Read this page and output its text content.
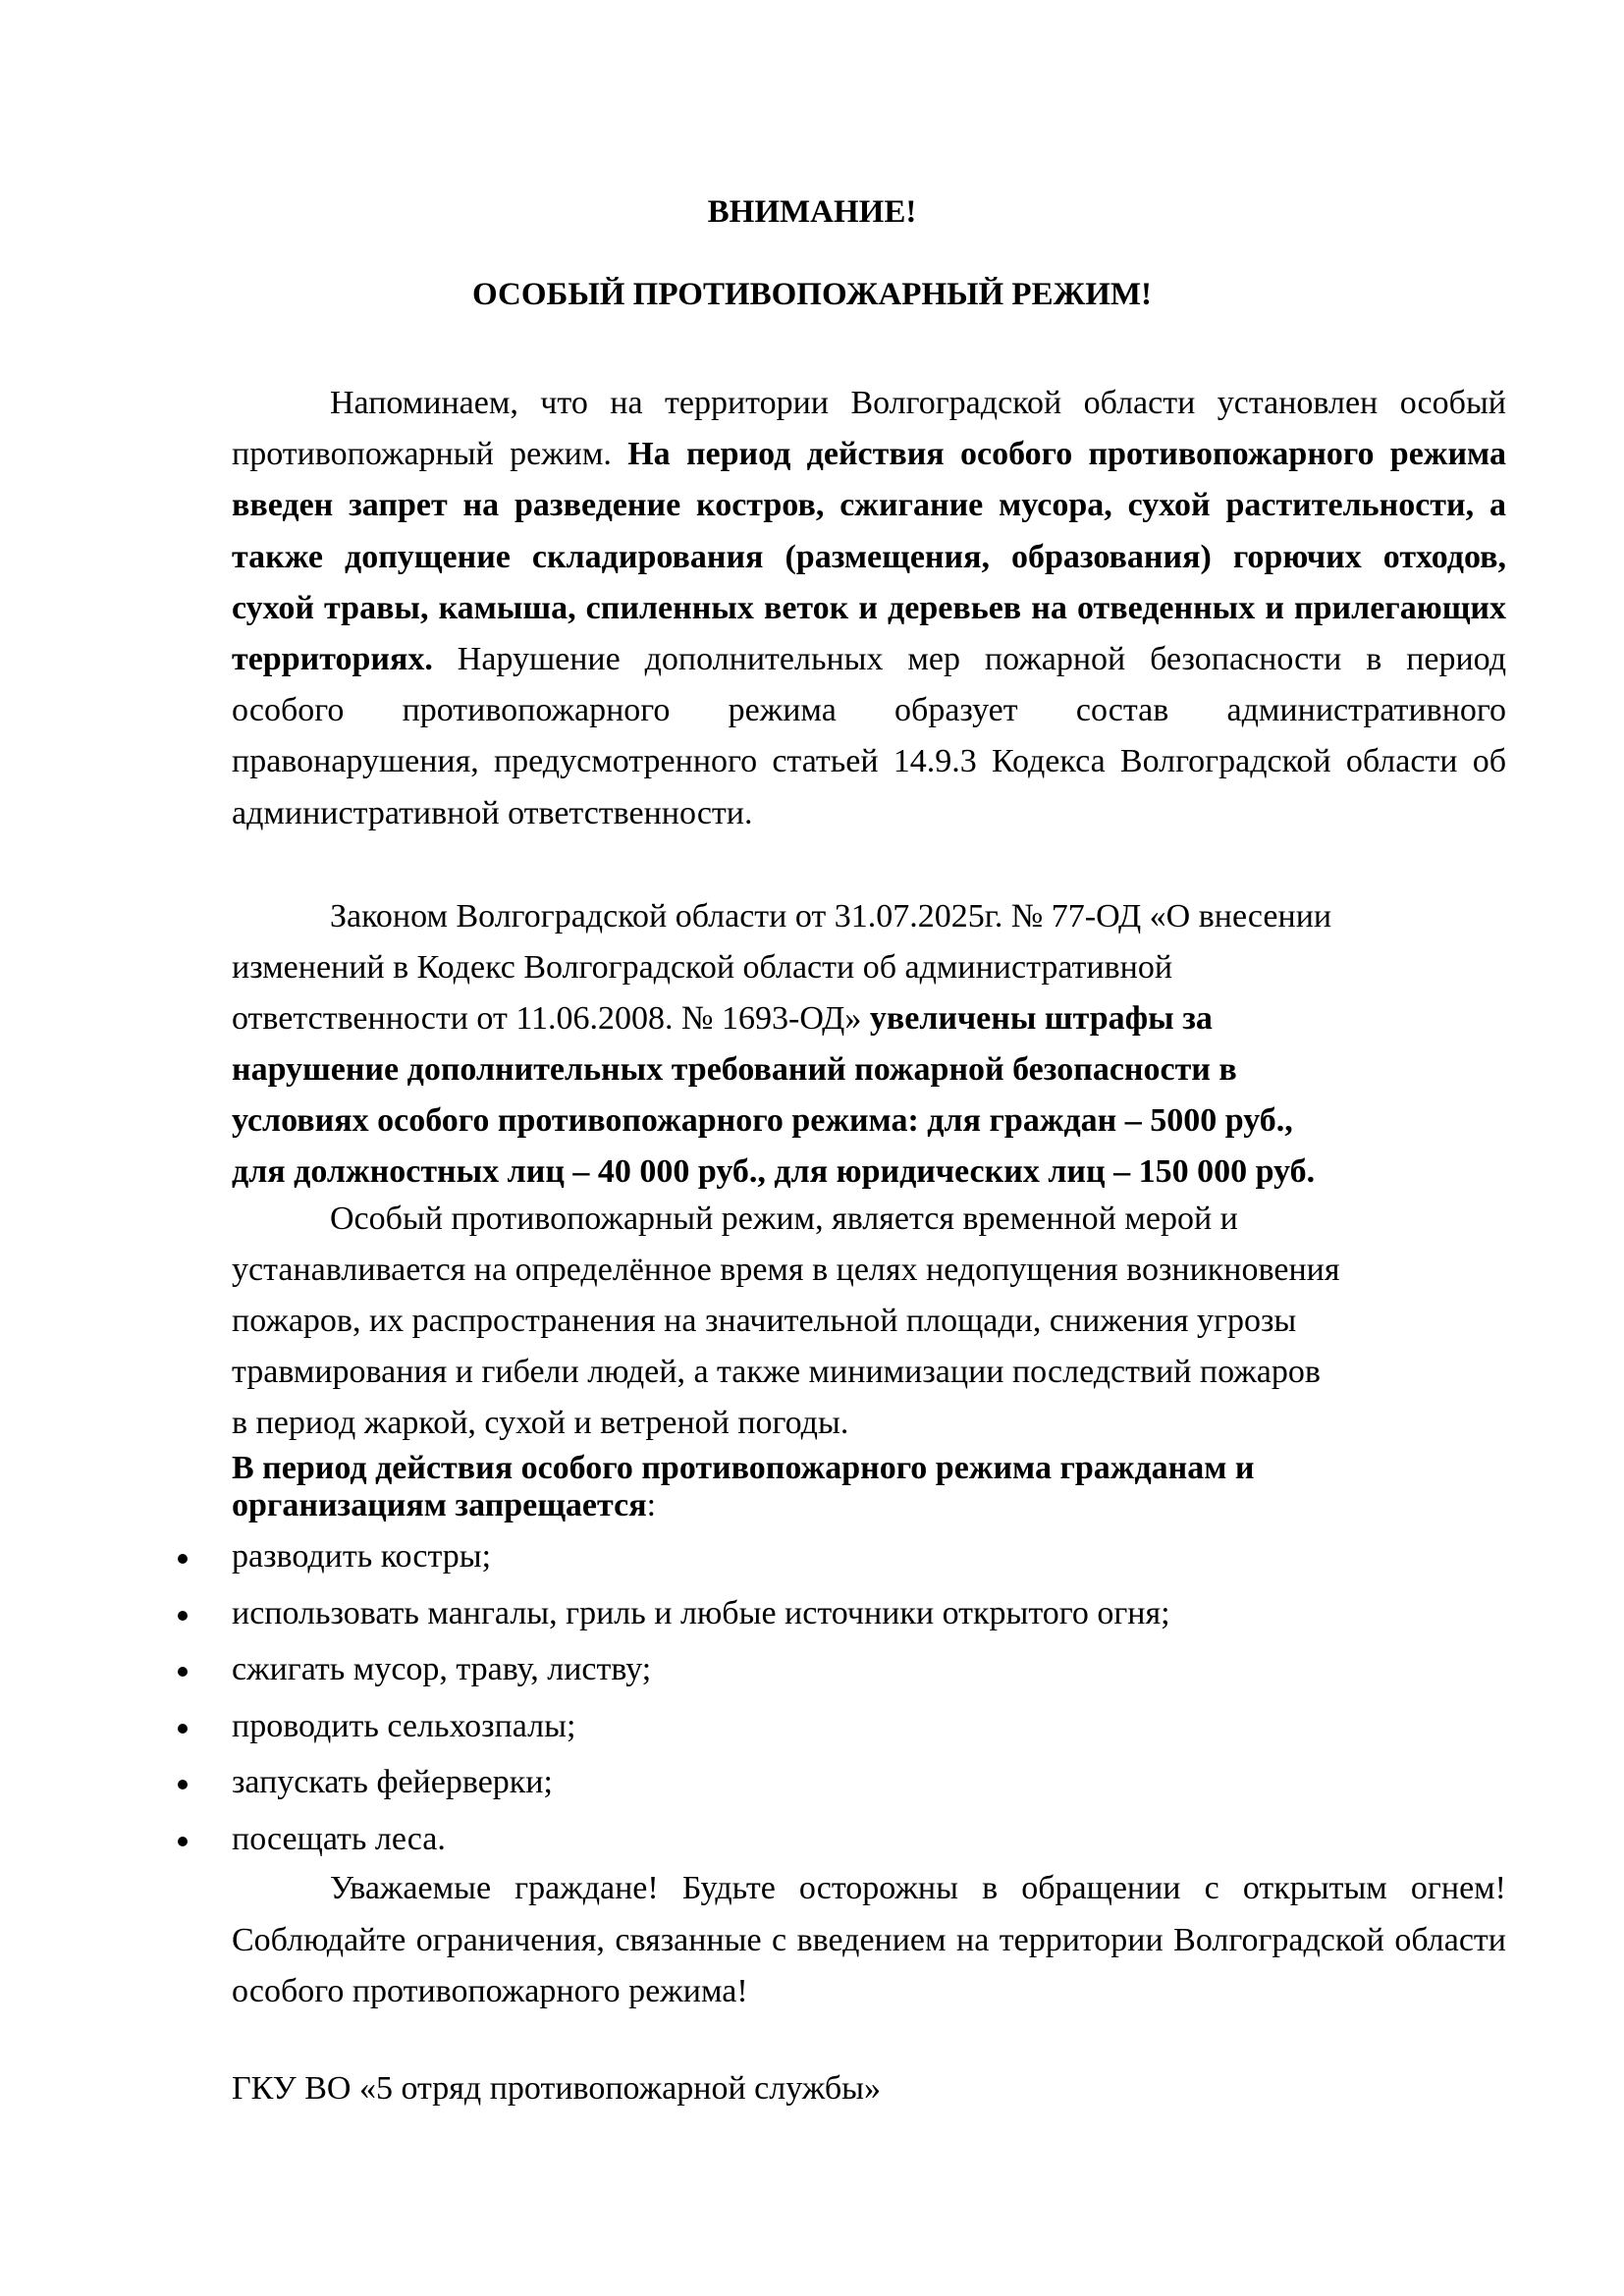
ВНИМАНИЕ!
ОСОБЫЙ ПРОТИВОПОЖАРНЫЙ РЕЖИМ!
Напоминаем, что на территории Волгоградской области установлен особый противопожарный режим. На период действия особого противопожарного режима введен запрет на разведение костров, сжигание мусора, сухой растительности, а также допущение складирования (размещения, образования) горючих отходов, сухой травы, камыша, спиленных веток и деревьев на отведенных и прилегающих территориях. Нарушение дополнительных мер пожарной безопасности в период особого противопожарного режима образует состав административного правонарушения, предусмотренного статьей 14.9.3 Кодекса Волгоградской области об административной ответственности.
Законом Волгоградской области от 31.07.2025г. № 77-ОД «О внесении
изменений в Кодекс Волгоградской области об административной
ответственности от 11.06.2008. № 1693-ОД» увеличены штрафы за
нарушение дополнительных требований пожарной безопасности в
условиях особого противопожарного режима: для граждан – 5000 руб.,
для должностных лиц – 40 000 руб., для юридических лиц – 150 000 руб.
Особый противопожарный режим, является временной мерой и
устанавливается на определённое время в целях недопущения возникновения
пожаров, их распространения на значительной площади, снижения угрозы
травмирования и гибели людей, а также минимизации последствий пожаров
в период жаркой, сухой и ветреной погоды.
В период действия особого противопожарного режима гражданам и
организациям запрещается:
разводить костры;
использовать мангалы, гриль и любые источники открытого огня;
сжигать мусор, траву, листву;
проводить сельхозпалы;
запускать фейерверки;
посещать леса.
Уважаемые граждане! Будьте осторожны в обращении с открытым огнем! Соблюдайте ограничения, связанные с введением на территории Волгоградской области особого противопожарного режима!
ГКУ ВО «5 отряд противопожарной службы»
